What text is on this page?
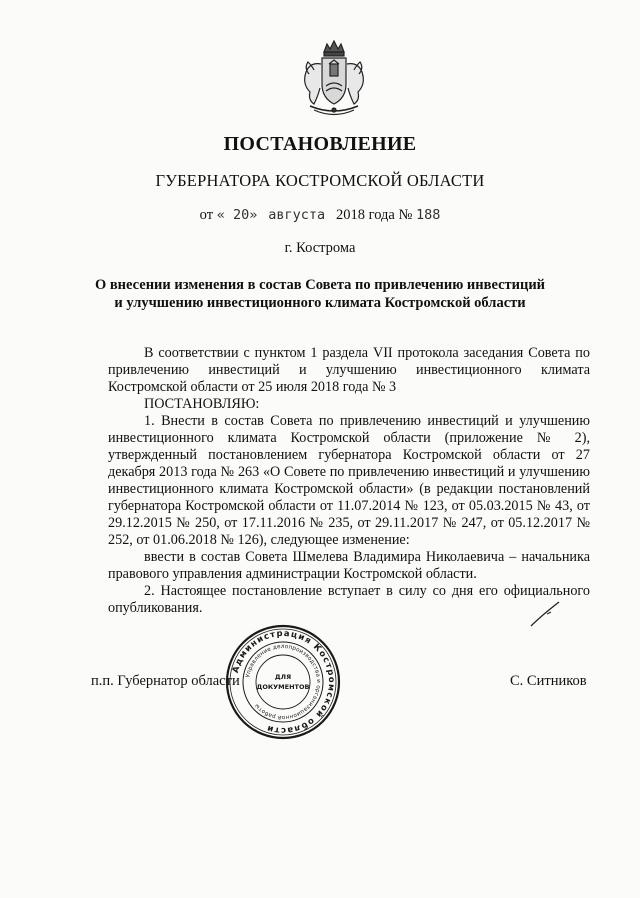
ПОСТАНОВЛЕНИЕ
ГУБЕРНАТОРА КОСТРОМСКОЙ ОБЛАСТИ
от « 20» августа 2018 года № 188
г. Кострома
О внесении изменения в состав Совета по привлечению инвестиций
и улучшению инвестиционного климата Костромской области

В соответствии с пунктом 1 раздела VII протокола заседания Совета по привлечению инвестиций и улучшению инвестиционного климата Костромской области от 25 июля 2018 года № 3

ПОСТАНОВЛЯЮ:

1. Внести в состав Совета по привлечению инвестиций и улучшению инвестиционного климата Костромской области (приложение № 2), утвержденный постановлением губернатора Костромской области от 27 декабря 2013 года № 263 «О Совете по привлечению инвестиций и улучшению инвестиционного климата Костромской области» (в редакции постановлений губернатора Костромской области от 11.07.2014 № 123, от 05.03.2015 № 43, от 29.12.2015 № 250, от 17.11.2016 № 235, от 29.11.2017 № 247, от 05.12.2017 № 252, от 01.06.2018 № 126), следующее изменение:

ввести в состав Совета Шмелева Владимира Николаевича – начальника правового управления администрации Костромской области.

2. Настоящее постановление вступает в силу со дня его официального опубликования.

п.п. Губернатор области
Администрация Костромской области
Управление делопроизводства и организационной работы
ДЛЯ
ДОКУМЕНТОВ	С. Ситников
